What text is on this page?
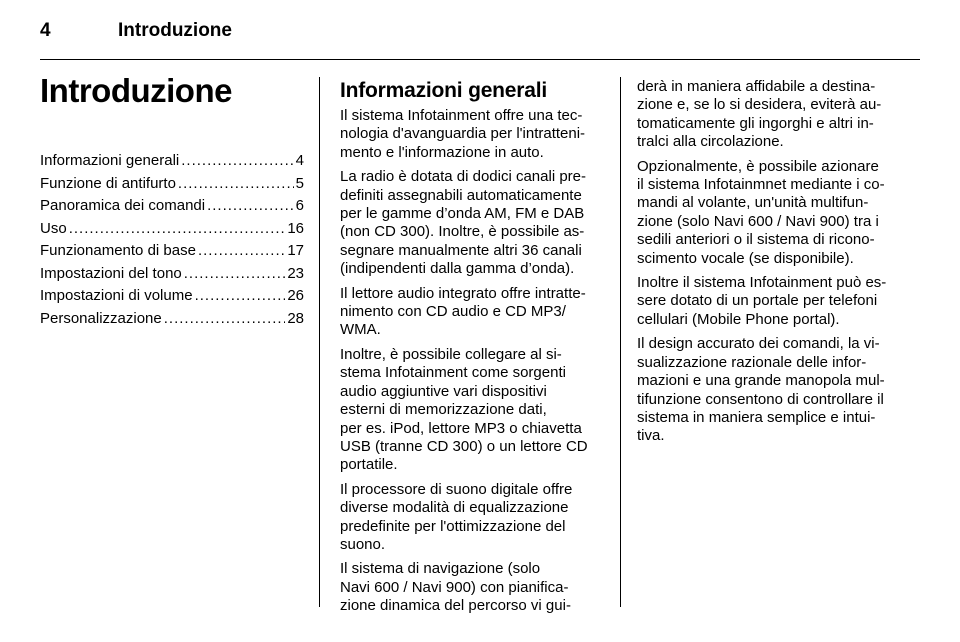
4	Introduzione
Introduzione
Informazioni generali .....	4
Funzione di antifurto .....	5
Panoramica dei comandi .....	6
Uso .....	16
Funzionamento di base .....	17
Impostazioni del tono .....	23
Impostazioni di volume .....	26
Personalizzazione .....	28
Informazioni generali
Il sistema Infotainment offre una tec-
nologia d'avanguardia per l'intratteni-
mento e l'informazione in auto.
La radio è dotata di dodici canali pre-
definiti assegnabili automaticamente
per le gamme d’onda AM, FM e DAB
(non CD 300). Inoltre, è possibile as-
segnare manualmente altri 36 canali
(indipendenti dalla gamma d’onda).
Il lettore audio integrato offre intratte-
nimento con CD audio e CD MP3/
WMA.
Inoltre, è possibile collegare al si-
stema Infotainment come sorgenti
audio aggiuntive vari dispositivi
esterni di memorizzazione dati,
per es. iPod, lettore MP3 o chiavetta
USB (tranne CD 300) o un lettore CD
portatile.
Il processore di suono digitale offre
diverse modalità di equalizzazione
predefinite per l'ottimizzazione del
suono.
Il sistema di navigazione (solo
Navi 600 / Navi 900) con pianifica-
zione dinamica del percorso vi gui-
derà in maniera affidabile a destina-
zione e, se lo si desidera, eviterà au-
tomaticamente gli ingorghi e altri in-
tralci alla circolazione.
Opzionalmente, è possibile azionare
il sistema Infotainmnet mediante i co-
mandi al volante, un'unità multifun-
zione (solo Navi 600 / Navi 900) tra i
sedili anteriori o il sistema di ricono-
scimento vocale (se disponibile).
Inoltre il sistema Infotainment può es-
sere dotato di un portale per telefoni
cellulari (Mobile Phone portal).
Il design accurato dei comandi, la vi-
sualizzazione razionale delle infor-
mazioni e una grande manopola mul-
tifunzione consentono di controllare il
sistema in maniera semplice e intui-
tiva.
